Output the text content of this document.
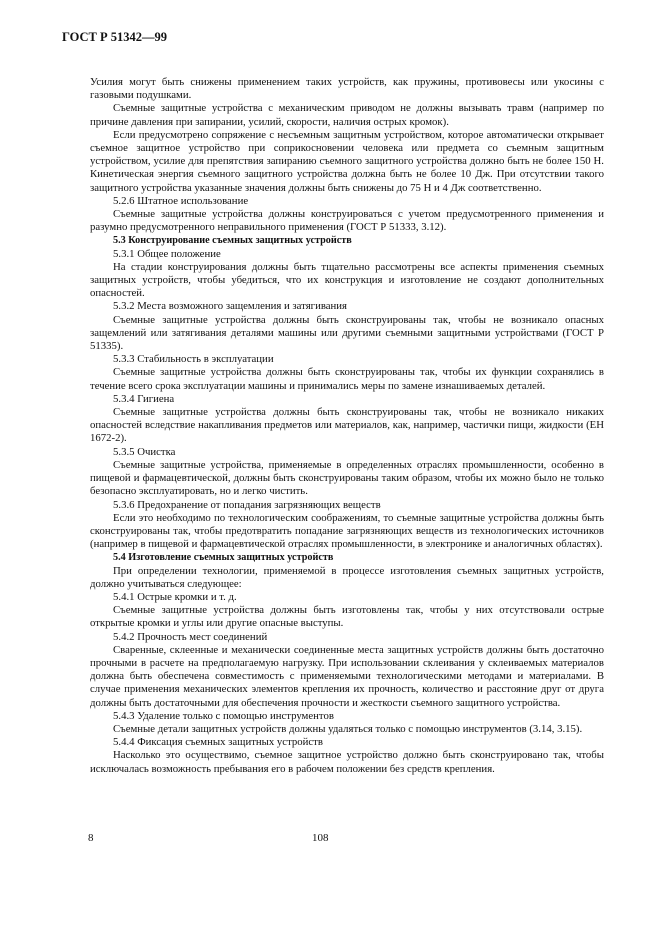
ГОСТ Р 51342—99

Усилия могут быть снижены применением таких устройств, как пружины, противовесы или укосины с газовыми подушками.

Съемные защитные устройства с механическим приводом не должны вызывать травм (например по причине давления при запирании, усилий, скорости, наличия острых кромок).

Если предусмотрено сопряжение с несъемным защитным устройством, которое автоматически открывает съемное защитное устройство при соприкосновении человека или предмета со съемным защитным устройством, усилие для препятствия запиранию съемного защитного устройства должно быть не более 150 Н. Кинетическая энергия съемного защитного устройства должна быть не более 10 Дж. При отсутствии такого защитного устройства указанные значения должны быть снижены до 75 Н и 4 Дж соответственно.

5.2.6 Штатное использование

Съемные защитные устройства должны конструироваться с учетом предусмотренного применения и разумно предусмотренного неправильного применения (ГОСТ Р 51333, 3.12).

5.3 Конструирование съемных защитных устройств

5.3.1 Общее положение

На стадии конструирования должны быть тщательно рассмотрены все аспекты применения съемных защитных устройств, чтобы убедиться, что их конструкция и изготовление не создают дополнительных опасностей.

5.3.2 Места возможного защемления и затягивания

Съемные защитные устройства должны быть сконструированы так, чтобы не возникало опасных защемлений или затягивания деталями машины или другими съемными защитными устройствами (ГОСТ Р 51335).

5.3.3 Стабильность в эксплуатации

Съемные защитные устройства должны быть сконструированы так, чтобы их функции сохранялись в течение всего срока эксплуатации машины и принимались меры по замене изнашиваемых деталей.

5.3.4 Гигиена

Съемные защитные устройства должны быть сконструированы так, чтобы не возникало никаких опасностей вследствие накапливания предметов или материалов, как, например, частички пищи, жидкости (ЕН 1672-2).

5.3.5 Очистка

Съемные защитные устройства, применяемые в определенных отраслях промышленности, особенно в пищевой и фармацевтической, должны быть сконструированы таким образом, чтобы их можно было не только безопасно эксплуатировать, но и легко чистить.

5.3.6 Предохранение от попадания загрязняющих веществ

Если это необходимо по технологическим соображениям, то съемные защитные устройства должны быть сконструированы так, чтобы предотвратить попадание загрязняющих веществ из технологических источников (например в пищевой и фармацевтической отраслях промышленности, в электронике и аналогичных областях).

5.4 Изготовление съемных защитных устройств

При определении технологии, применяемой в процессе изготовления съемных защитных устройств, должно учитываться следующее:

5.4.1 Острые кромки и т. д.

Съемные защитные устройства должны быть изготовлены так, чтобы у них отсутствовали острые открытые кромки и углы или другие опасные выступы.

5.4.2 Прочность мест соединений

Сваренные, склеенные и механически соединенные места защитных устройств должны быть достаточно прочными в расчете на предполагаемую нагрузку. При использовании склеивания у склеиваемых материалов должна быть обеспечена совместимость с применяемыми технологическими методами и материалами. В случае применения механических элементов крепления их прочность, количество и расстояние друг от друга должны быть достаточными для обеспечения прочности и жесткости съемного защитного устройства.

5.4.3 Удаление только с помощью инструментов

Съемные детали защитных устройств должны удаляться только с помощью инструментов (3.14, 3.15).

5.4.4 Фиксация съемных защитных устройств

Насколько это осуществимо, съемное защитное устройство должно быть сконструировано так, чтобы исключалась возможность пребывания его в рабочем положении без средств крепления.

8	108
